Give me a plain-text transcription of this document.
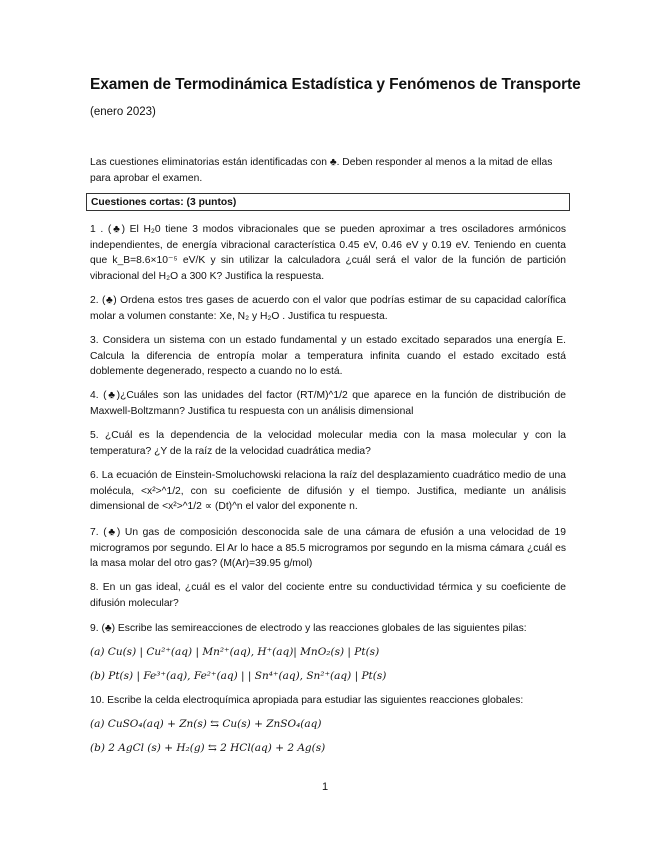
Examen de Termodinámica Estadística y Fenómenos de Transporte
(enero 2023)
Las cuestiones eliminatorias están identificadas con ♣. Deben responder al menos a la mitad de ellas para aprobar el examen.
Cuestiones cortas: (3 puntos)
1 . (♣) El H₂0 tiene 3 modos vibracionales que se pueden aproximar a tres osciladores armónicos independientes, de energía vibracional característica 0.45 eV, 0.46 eV y 0.19 eV. Teniendo en cuenta que k_B=8.6×10⁻⁵ eV/K y sin utilizar la calculadora ¿cuál será el valor de la función de partición vibracional del H₂O a 300 K? Justifica la respuesta.
2. (♣) Ordena estos tres gases de acuerdo con el valor que podrías estimar de su capacidad calorífica molar a volumen constante: Xe, N₂ y H₂O . Justifica tu respuesta.
3. Considera un sistema con un estado fundamental y un estado excitado separados una energía E. Calcula la diferencia de entropía molar a temperatura infinita cuando el estado excitado está doblemente degenerado, respecto a cuando no lo está.
4. (♣)¿Cuáles son las unidades del factor (RT/M)^1/2 que aparece en la función de distribución de Maxwell-Boltzmann? Justifica tu respuesta con un análisis dimensional
5. ¿Cuál es la dependencia de la velocidad molecular media con la masa molecular y con la temperatura? ¿Y de la raíz de la velocidad cuadrática media?
6. La ecuación de Einstein-Smoluchowski relaciona la raíz del desplazamiento cuadrático medio de una molécula, <x²>^1/2, con su coeficiente de difusión y el tiempo. Justifica, mediante un análisis dimensional de <x²>^1/2 ∝ (Dt)^n el valor del exponente n.
7. (♣) Un gas de composición desconocida sale de una cámara de efusión a una velocidad de 19 microgramos por segundo. El Ar lo hace a 85.5 microgramos por segundo en la misma cámara ¿cuál es la masa molar del otro gas? (M(Ar)=39.95 g/mol)
8. En un gas ideal, ¿cuál es el valor del cociente entre su conductividad térmica y su coeficiente de difusión molecular?
9. (♣) Escribe las semireacciones de electrodo y las reacciones globales de las siguientes pilas:
(a) Cu(s) | Cu²⁺(aq) | Mn²⁺(aq), H⁺(aq)| MnO₂(s) | Pt(s)
(b) Pt(s) | Fe³⁺(aq), Fe²⁺(aq) | | Sn⁴⁺(aq), Sn²⁺(aq) | Pt(s)
10. Escribe la celda electroquímica apropiada para estudiar las siguientes reacciones globales:
(a) CuSO₄(aq) + Zn(s) ⇆ Cu(s) + ZnSO₄(aq)
(b) 2 AgCl (s) + H₂(g) ⇆ 2 HCl(aq) + 2 Ag(s)
1
